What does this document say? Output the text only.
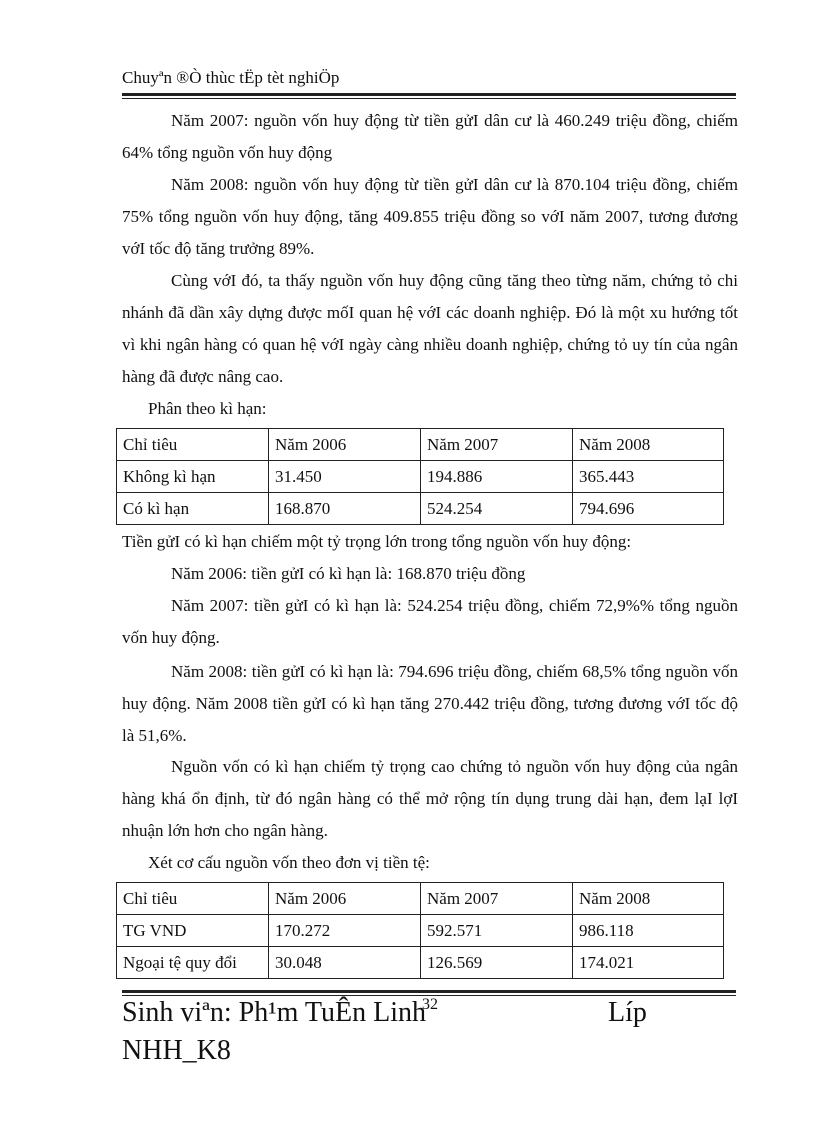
Chuyªn ®Ò thùc tËp tèt nghiÖp
Năm 2007: nguồn vốn huy động từ tiền gửI dân cư là 460.249 triệu đồng, chiếm 64% tổng nguồn vốn huy động
Năm 2008: nguồn vốn huy động từ tiền gửI dân cư là 870.104 triệu đồng, chiếm 75% tổng nguồn vốn huy động, tăng 409.855 triệu đồng so vớI năm 2007, tương đương vớI tốc độ tăng trưởng 89%.
Cùng vớI đó, ta thấy nguồn vốn huy động cũng tăng theo từng năm, chứng tỏ chi nhánh đã dần xây dựng được mốI quan hệ vớI các doanh nghiệp. Đó là một xu hướng tốt vì khi ngân hàng có quan hệ vớI ngày càng nhiều doanh nghiệp, chứng tỏ uy tín của ngân hàng đã được nâng cao.
Phân theo kì hạn:
Chỉ tiêu	Năm 2006	Năm 2007	Năm 2008
Không kì hạn	31.450	194.886	365.443
Có kì hạn	168.870	524.254	794.696
Tiền gửI có kì hạn chiếm một tỷ trọng lớn trong tổng nguồn vốn huy động:
Năm 2006: tiền gửI có kì hạn là: 168.870 triệu đồng
Năm 2007: tiền gửI có kì hạn là: 524.254 triệu đồng, chiếm 72,9%% tổng nguồn vốn huy động.
Năm 2008: tiền gửI có kì hạn là: 794.696 triệu đồng, chiếm 68,5% tổng nguồn vốn huy động. Năm 2008 tiền gửI có kì hạn tăng 270.442 triệu đồng, tương đương vớI tốc độ là 51,6%.
Nguồn vốn có kì hạn chiếm tỷ trọng cao chứng tỏ nguồn vốn huy động của ngân hàng khá ổn định, từ đó ngân hàng có thể mở rộng tín dụng trung dài hạn, đem lạI lợI nhuận lớn hơn cho ngân hàng.
Xét cơ cấu nguồn vốn theo đơn vị tiền tệ:
Chỉ tiêu	Năm 2006	Năm 2007	Năm 2008
TG VND	170.272	592.571	986.118
Ngoại tệ quy đổi	30.048	126.569	174.021
Sinh viªn: Ph¹m TuÊn Linh
32	Líp
NHH_K8
